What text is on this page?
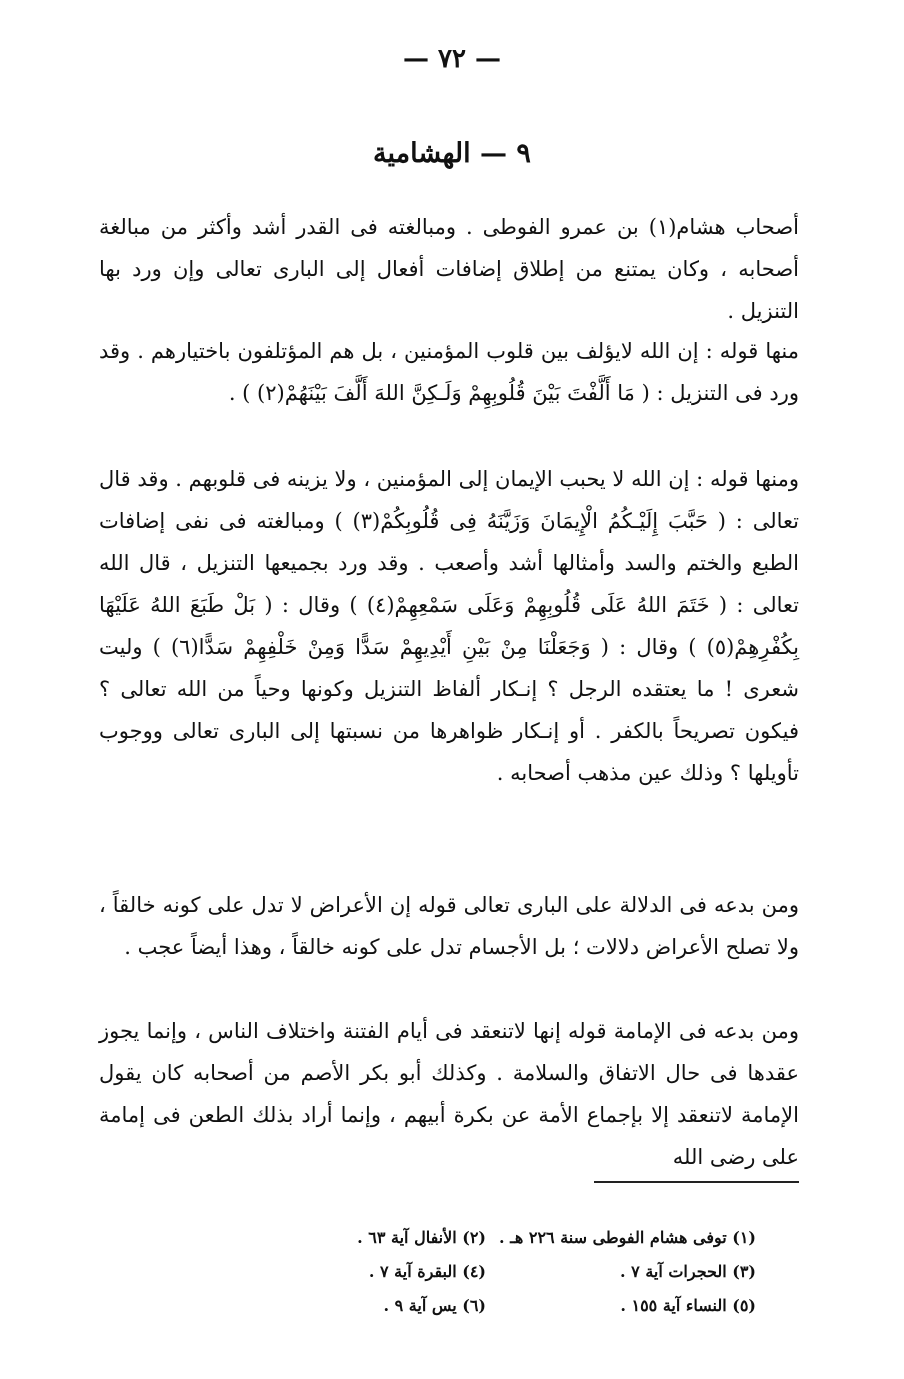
— ٧٢ —
٩ — الهشامية

أصحاب هشام(١) بن عمرو الفوطى . ومبالغته فى القدر أشد وأكثر من مبالغة أصحابه ، وكان يمتنع من إطلاق إضافات أفعال إلى البارى تعالى وإن ورد بها التنزيل .

منها قوله : إن الله لايؤلف بين قلوب المؤمنين ، بل هم المؤتلفون باختيارهم . وقد ورد فى التنزيل : ( مَا أَلَّفْتَ بَيْنَ قُلُوبِهِمْ وَلَـكِنَّ اللهَ أَلَّفَ بَيْنَهُمْ(٢) ) .

ومنها قوله : إن الله لا يحبب الإيمان إلى المؤمنين ، ولا يزينه فى قلوبهم . وقد قال تعالى : ( حَبَّبَ إِلَيْـكُمُ الْإِيمَانَ وَزَيَّنَهُ فِى قُلُوبِكُمْ(٣) ) ومبالغته فى نفى إضافات الطبع والختم والسد وأمثالها أشد وأصعب . وقد ورد بجميعها التنزيل ، قال الله تعالى : ( خَتَمَ اللهُ عَلَى قُلُوبِهِمْ وَعَلَى سَمْعِهِمْ(٤) ) وقال : ( بَلْ طَبَعَ اللهُ عَلَيْهَا بِكُفْرِهِمْ(٥) ) وقال : ( وَجَعَلْنَا مِنْ بَيْنِ أَيْدِيهِمْ سَدًّا وَمِنْ خَلْفِهِمْ سَدًّا(٦) ) وليت شعرى ! ما يعتقده الرجل ؟ إنـكار ألفاظ التنزيل وكونها وحياً من الله تعالى ؟ فيكون تصريحاً بالكفر . أو إنـكار ظواهرها من نسبتها إلى البارى تعالى ووجوب تأويلها ؟ وذلك عين مذهب أصحابه .

ومن بدعه فى الدلالة على البارى تعالى قوله إن الأعراض لا تدل على كونه خالقاً ، ولا تصلح الأعراض دلالات ؛ بل الأجسام تدل على كونه خالقاً ، وهذا أيضاً عجب .

ومن بدعه فى الإمامة قوله إنها لاتنعقد فى أيام الفتنة واختلاف الناس ، وإنما يجوز عقدها فى حال الاتفاق والسلامة . وكذلك أبو بكر الأصم من أصحابه كان يقول الإمامة لاتنعقد إلا بإجماع الأمة عن بكرة أبيهم ، وإنما أراد بذلك الطعن فى إمامة على رضى الله

(١) توفى هشام الفوطى سنة ٢٢٦ هـ .
(٢) الأنفال آية ٦٣ .
(٣) الحجرات آية ٧ .
(٤) البقرة آية ٧ .
(٥) النساء آية ١٥٥ .
(٦) يس آية ٩ .
